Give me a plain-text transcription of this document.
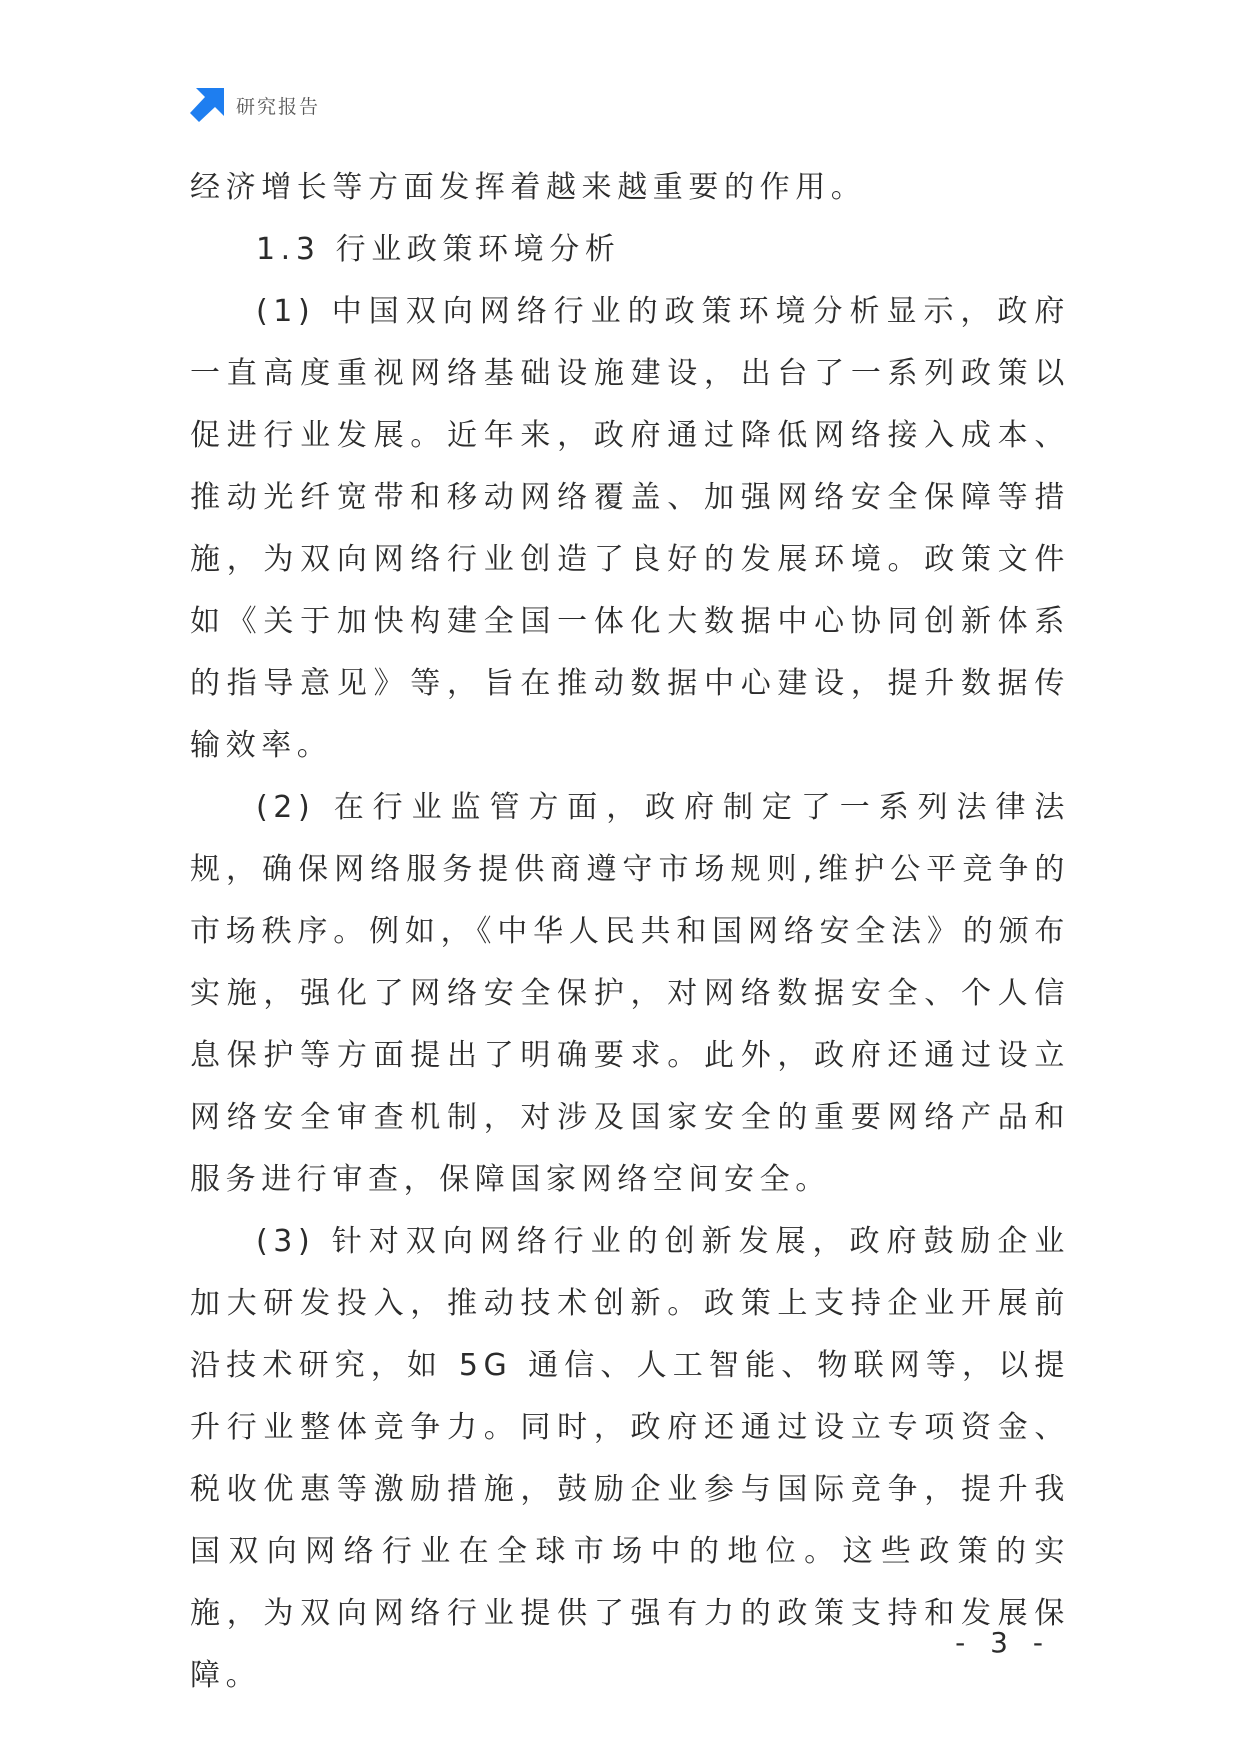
研究报告

经济增长等方面发挥着越来越重要的作用。

1.3 行业政策环境分析

(1) 中国双向网络行业的政策环境分析显示，政府一直高度重视网络基础设施建设，出台了一系列政策以促进行业发展。近年来，政府通过降低网络接入成本、推动光纤宽带和移动网络覆盖、加强网络安全保障等措施，为双向网络行业创造了良好的发展环境。政策文件如《关于加快构建全国一体化大数据中心协同创新体系的指导意见》等，旨在推动数据中心建设，提升数据传输效率。

(2) 在行业监管方面，政府制定了一系列法律法规，确保网络服务提供商遵守市场规则,维护公平竞争的市场秩序。例如，《中华人民共和国网络安全法》的颁布实施，强化了网络安全保护，对网络数据安全、个人信息保护等方面提出了明确要求。此外，政府还通过设立网络安全审查机制，对涉及国家安全的重要网络产品和服务进行审查，保障国家网络空间安全。

(3) 针对双向网络行业的创新发展，政府鼓励企业加大研发投入，推动技术创新。政策上支持企业开展前沿技术研究，如 5G 通信、人工智能、物联网等，以提升行业整体竞争力。同时，政府还通过设立专项资金、税收优惠等激励措施，鼓励企业参与国际竞争，提升我国双向网络行业在全球市场中的地位。这些政策的实施，为双向网络行业提供了强有力的政策支持和发展保障。

- 3 -
